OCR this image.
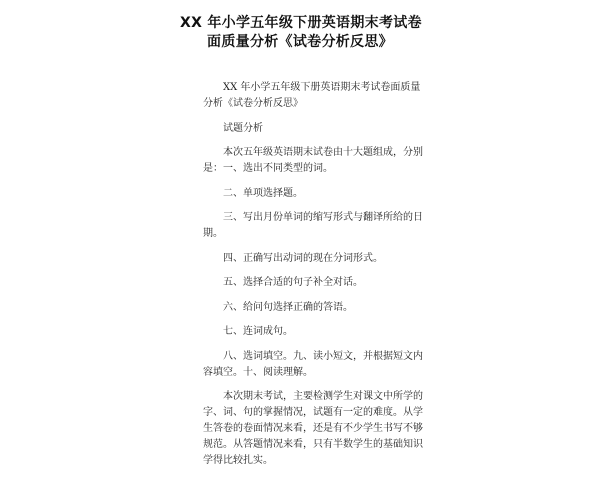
XX 年小学五年级下册英语期末考试卷
面质量分析《试卷分析反思》
XX 年小学五年级下册英语期末考试卷面质量
分析《试卷分析反思》
试题分析
本次五年级英语期末试卷由十大题组成，分别
是：一、选出不同类型的词。
二、单项选择题。
三、写出月份单词的缩写形式与翻译所给的日
期。
四、正确写出动词的现在分词形式。
五、选择合适的句子补全对话。
六、给问句选择正确的答语。
七、连词成句。
八、选词填空。九、读小短文，并根据短文内
容填空。十、阅读理解。
本次期末考试，主要检测学生对课文中所学的
字、词、句的掌握情况，试题有一定的难度。从学
生答卷的卷面情况来看，还是有不少学生书写不够
规范。从答题情况来看，只有半数学生的基础知识
学得比较扎实。
